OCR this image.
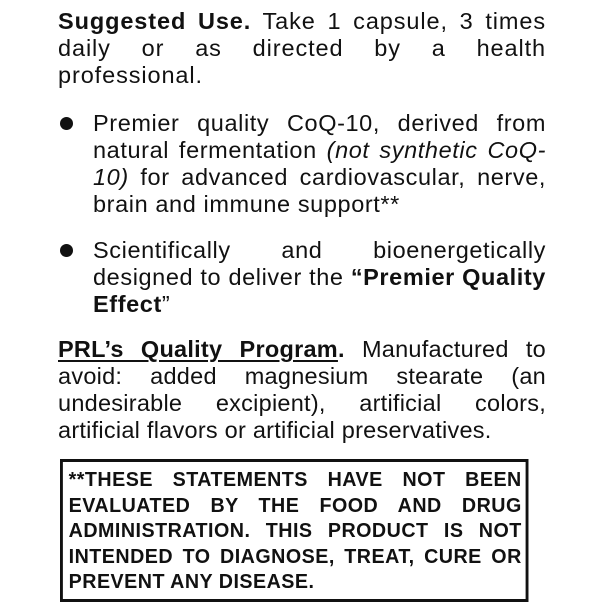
Suggested Use. Take 1 capsule, 3 times daily or as directed by a health professional.

Premier quality CoQ-10, derived from natural fermentation (not synthetic CoQ-10) for advanced cardiovascular, nerve, brain and immune support**
Scientifically and bioenergetically designed to deliver the “Premier Quality Effect”

PRL’s Quality Program. Manufactured to avoid: added magnesium stearate (an undesirable excipient), artificial colors, artificial flavors or artificial preservatives.

**THESE STATEMENTS HAVE NOT BEEN EVALUATED BY THE FOOD AND DRUG ADMINISTRATION. THIS PRODUCT IS NOT INTENDED TO DIAGNOSE, TREAT, CURE OR PREVENT ANY DISEASE.
